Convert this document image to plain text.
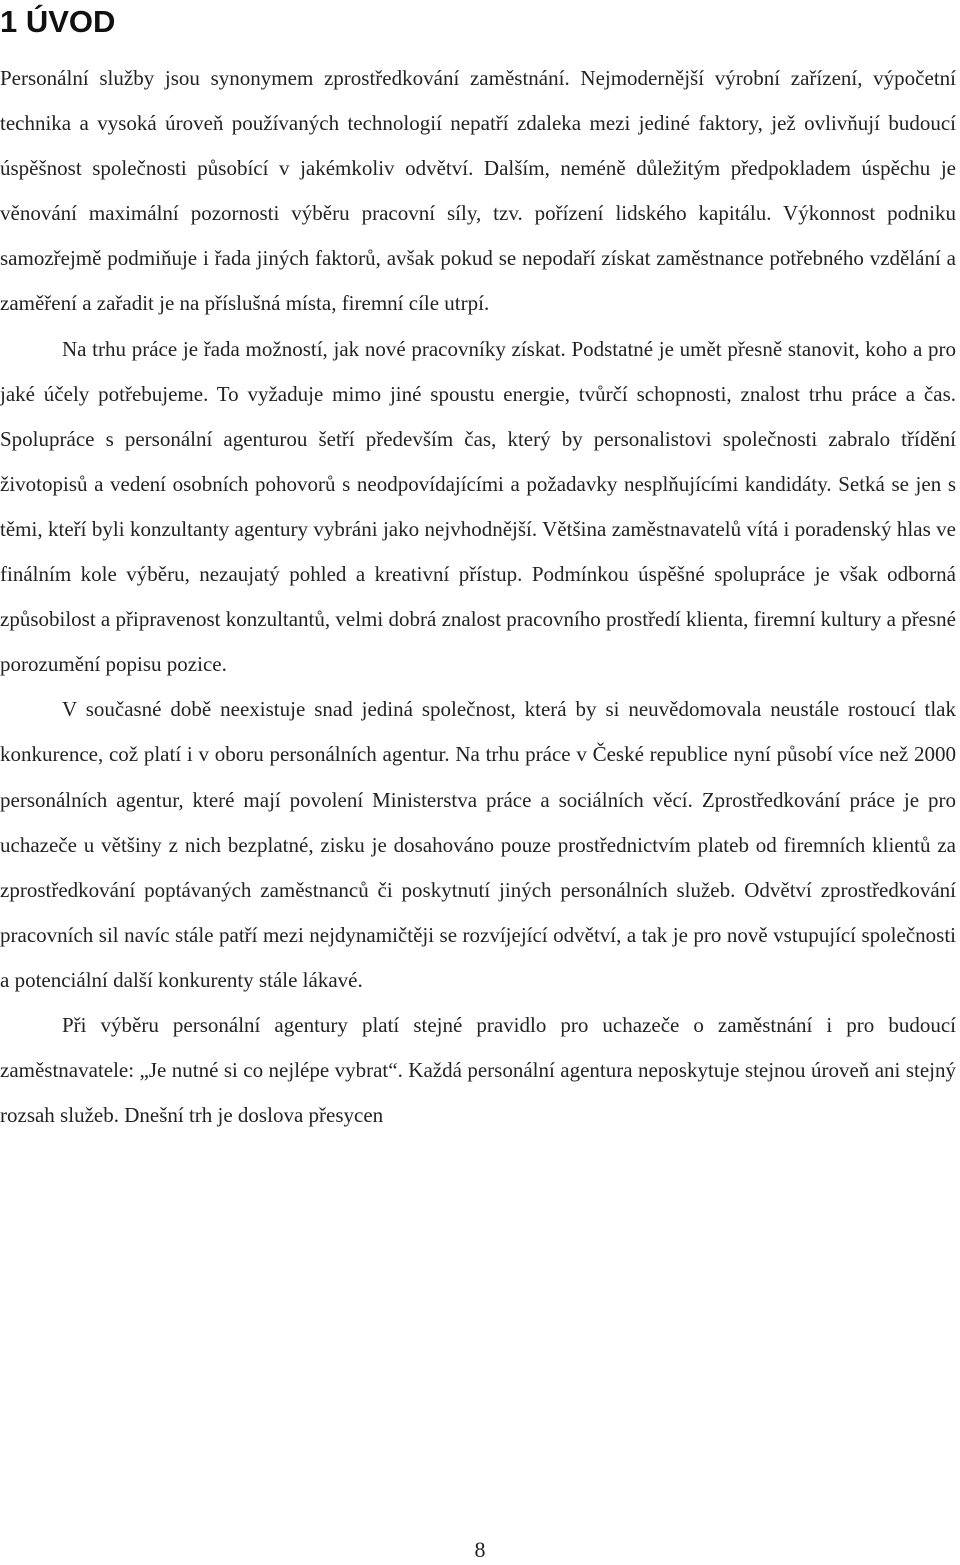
1 ÚVOD

Personální služby jsou synonymem zprostředkování zaměstnání. Nejmodernější výrobní zařízení, výpočetní technika a vysoká úroveň používaných technologií nepatří zdaleka mezi jediné faktory, jež ovlivňují budoucí úspěšnost společnosti působící v jakémkoliv odvětví. Dalším, neméně důležitým předpokladem úspěchu je věnování maximální pozornosti výběru pracovní síly, tzv. pořízení lidského kapitálu. Výkonnost podniku samozřejmě podmiňuje i řada jiných faktorů, avšak pokud se nepodaří získat zaměstnance potřebného vzdělání a zaměření a zařadit je na příslušná místa, firemní cíle utrpí.

Na trhu práce je řada možností, jak nové pracovníky získat. Podstatné je umět přesně stanovit, koho a pro jaké účely potřebujeme. To vyžaduje mimo jiné spoustu energie, tvůrčí schopnosti, znalost trhu práce a čas. Spolupráce s personální agenturou šetří především čas, který by personalistovi společnosti zabralo třídění životopisů a vedení osobních pohovorů s neodpovídajícími a požadavky nesplňujícími kandidáty. Setká se jen s těmi, kteří byli konzultanty agentury vybráni jako nejvhodnější. Většina zaměstnavatelů vítá i poradenský hlas ve finálním kole výběru, nezaujatý pohled a kreativní přístup. Podmínkou úspěšné spolupráce je však odborná způsobilost a připravenost konzultantů, velmi dobrá znalost pracovního prostředí klienta, firemní kultury a přesné porozumění popisu pozice.

V současné době neexistuje snad jediná společnost, která by si neuvědomovala neustále rostoucí tlak konkurence, což platí i v oboru personálních agentur. Na trhu práce v České republice nyní působí více než 2000 personálních agentur, které mají povolení Ministerstva práce a sociálních věcí. Zprostředkování práce je pro uchazeče u většiny z nich bezplatné, zisku je dosahováno pouze prostřednictvím plateb od firemních klientů za zprostředkování poptávaných zaměstnanců či poskytnutí jiných personálních služeb. Odvětví zprostředkování pracovních sil navíc stále patří mezi nejdynamičtěji se rozvíjející odvětví, a tak je pro nově vstupující společnosti a potenciální další konkurenty stále lákavé.

Při výběru personální agentury platí stejné pravidlo pro uchazeče o zaměstnání i pro budoucí zaměstnavatele: „Je nutné si co nejlépe vybrat“. Každá personální agentura neposkytuje stejnou úroveň ani stejný rozsah služeb. Dnešní trh je doslova přesycen

8
